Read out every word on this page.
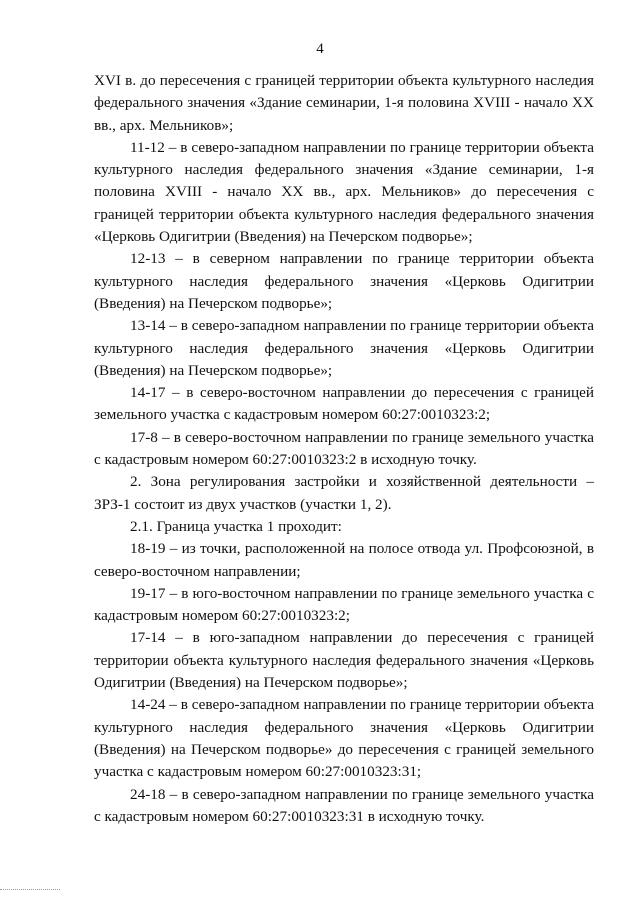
4

XVI в. до пересечения с границей территории объекта культурного наследия федерального значения «Здание семинарии, 1-я половина XVIII - начало XX вв., арх. Мельников»;

11-12 – в северо-западном направлении по границе территории объекта культурного наследия федерального значения «Здание семинарии, 1-я половина XVIII - начало XX вв., арх. Мельников» до пересечения с границей территории объекта культурного наследия федерального значения «Церковь Одигитрии (Введения) на Печерском подворье»;

12-13 – в северном направлении по границе территории объекта культурного наследия федерального значения «Церковь Одигитрии (Введения) на Печерском подворье»;

13-14 – в северо-западном направлении по границе территории объекта культурного наследия федерального значения «Церковь Одигитрии (Введения) на Печерском подворье»;

14-17 – в северо-восточном направлении до пересечения с границей земельного участка с кадастровым номером 60:27:0010323:2;

17-8 – в северо-восточном направлении по границе земельного участка с кадастровым номером 60:27:0010323:2 в исходную точку.

2. Зона регулирования застройки и хозяйственной деятельности – ЗРЗ-1 состоит из двух участков (участки 1, 2).

2.1. Граница участка 1 проходит:

18-19 – из точки, расположенной на полосе отвода ул. Профсоюзной, в северо-восточном направлении;

19-17 – в юго-восточном направлении по границе земельного участка с кадастровым номером 60:27:0010323:2;

17-14 – в юго-западном направлении до пересечения с границей территории объекта культурного наследия федерального значения «Церковь Одигитрии (Введения) на Печерском подворье»;

14-24 – в северо-западном направлении по границе территории объекта культурного наследия федерального значения «Церковь Одигитрии (Введения) на Печерском подворье» до пересечения с границей земельного участка с кадастровым номером 60:27:0010323:31;

24-18 – в северо-западном направлении по границе земельного участка с кадастровым номером 60:27:0010323:31 в исходную точку.
